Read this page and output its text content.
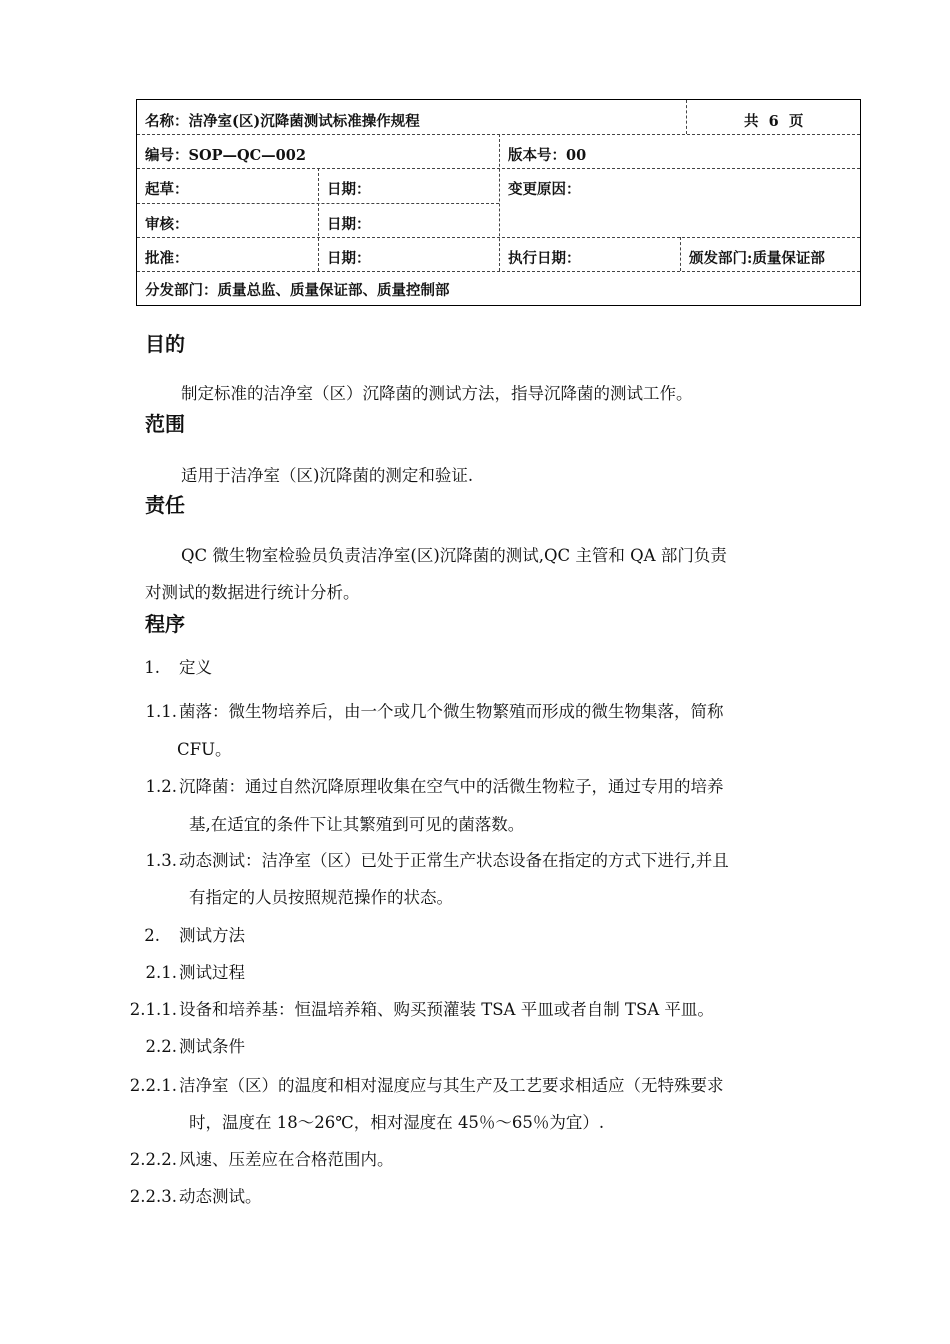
名称：洁净室(区)沉降菌测试标准操作规程	共 6 页
编号：SOP—QC—002	版本号：00
起草：	日期：	变更原因：
审核：	日期：
批准：	日期：	执行日期：	颁发部门:质量保证部
分发部门：质量总监、质量保证部、质量控制部
目的
制定标准的洁净室（区）沉降菌的测试方法，指导沉降菌的测试工作。
范围
适用于洁净室（区)沉降菌的测定和验证.
责任
QC 微生物室检验员负责洁净室(区)沉降菌的测试,QC 主管和 QA 部门负责
对测试的数据进行统计分析。
程序
1. 定义
1.1. 菌落：微生物培养后，由一个或几个微生物繁殖而形成的微生物集落，简称
CFU。
1.2. 沉降菌：通过自然沉降原理收集在空气中的活微生物粒子，通过专用的培养
基,在适宜的条件下让其繁殖到可见的菌落数。
1.3. 动态测试：洁净室（区）已处于正常生产状态设备在指定的方式下进行,并且
有指定的人员按照规范操作的状态。
2. 测试方法
2.1. 测试过程
2.1.1. 设备和培养基：恒温培养箱、购买预灌装 TSA 平皿或者自制 TSA 平皿。
2.2. 测试条件
2.2.1. 洁净室（区）的温度和相对湿度应与其生产及工艺要求相适应（无特殊要求
时，温度在 18～26℃，相对湿度在 45％～65％为宜）.
2.2.2. 风速、压差应在合格范围内。
2.2.3. 动态测试。
